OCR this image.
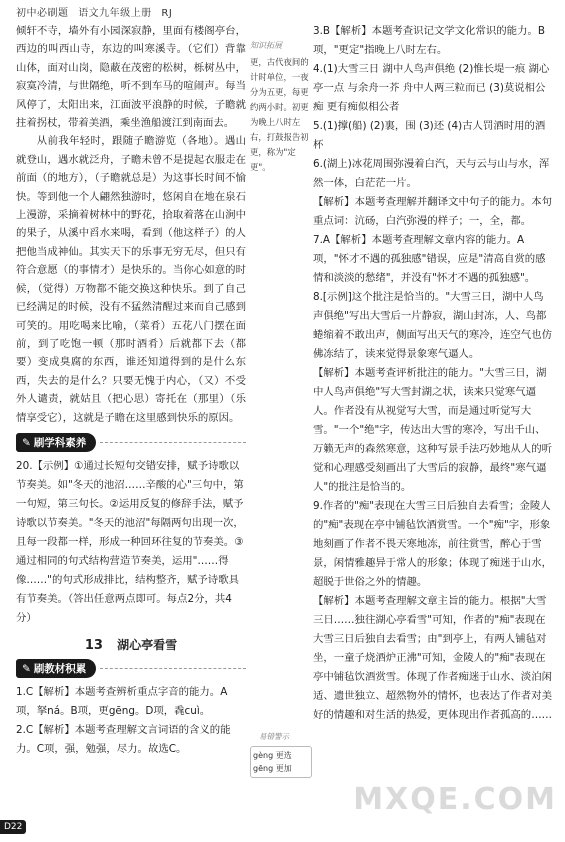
初中必刷题 语文九年级上册 RJ

倾轩不寺，墙外有小园深寂静，里面有楼阁亭台，西边的叫西山寺，东边的叫寒溪寺。（它们）背靠山体，面对山岗，隐蔽在茂密的松树，栎树丛中，寂寞冷清，与世隔绝，听不到车马的喧闹声。每当风停了，太阳出来，江面波平浪静的时候，子瞻就拄着拐杖，带着美酒，乘坐渔船渡江到南面去。

从前我年轻时，跟随子瞻游览（各地）。遇山就登山，遇水就泛舟，子瞻未曾不是提起衣服走在前面（的地方），（子瞻就总是）为这事长时间不愉快。等到他一个人翩然独游时，悠闲自在地在泉石上漫游，采摘着树林中的野花，拾取着落在山涧中的果子，从溪中舀水来喝，看到（他这样子）的人把他当成神仙。其实天下的乐事无穷无尽，但只有符合意愿（的事情才）是快乐的。当你心如意的时候，（觉得）万物都不能交换这种快乐。到了自己已经满足的时候，没有不猛然清醒过来而自己感到可笑的。用吃喝来比喻，（菜肴）五花八门摆在面前，到了吃饱一顿（那时酒肴）后就都下去（都要）变成臭腐的东西，谁还知道得到的是什么东西，失去的是什么？只要无愧于内心，（又）不受外人谴责，就姑且（把心思）寄托在（那里）（乐情享受它），这就是子瞻在这里感到快乐的原因。

✎ 刷学科素养

20.【示例】①通过长短句交错安排，赋予诗歌以节奏美。如"冬天的池沼……辛酸的心"三句中，第一句短，第三句长。②运用反复的修辞手法，赋予诗歌以节奏美。"冬天的池沼"每隔两句出现一次，且每一段都一样，形成一种回环往复的节奏美。③通过相同的句式结构营造节奏美，运用"……得像……"的句式形成排比，结构整齐，赋予诗歌具有节奏美。（答出任意两点即可。每点2分，共4分）

13 湖心亭看雪
✎ 刷教材积累

1.C【解析】本题考查辨析重点字音的能力。A项，拏ná。B项，更gēng。D项，毳cuì。

2.C【解析】本题考查理解文言词语的含义的能力。C项，强，勉强，尽力。故选C。

知识拓展
更，古代夜间的计时单位，一夜分为五更，每更约两小时。初更为晚上八时左右，打鼓报告初更，称为"定更"。
易错警示
gèng 更选
gēng 更加

3.B【解析】本题考查识记文学文化常识的能力。B项，"更定"指晚上八时左右。

4.(1)大雪三日 湖中人鸟声俱绝 (2)惟长堤一痕 湖心亭一点 与余舟一芥 舟中人两三粒而已 (3)莫说相公痴 更有痴似相公者

5.(1)撑(船) (2)裏，围 (3)还 (4)古人罚酒时用的酒杯

6.(湖上)冰花周围弥漫着白汽，天与云与山与水，浑然一体，白茫茫一片。

【解析】本题考查理解并翻译文中句子的能力。本句重点词：沆砀，白汽弥漫的样子；一，全，都。

7.A【解析】本题考查理解文章内容的能力。A项，"怀才不遇的孤独感"错误，应是"清高自赏的感情和淡淡的愁绪"，并没有"怀才不遇的孤独感"。

8.[示例]这个批注是恰当的。"大雪三日，湖中人鸟声俱绝"写出大雪后一片静寂，湖山封冻，人、鸟都蜷缩着不敢出声，侧面写出天气的寒冷，连空气也仿佛冻结了，读来觉得景象寒气逼人。

【解析】本题考查评析批注的能力。"大雪三日，湖中人鸟声俱绝"写大雪封湖之状，读来只觉寒气逼人。作者没有从视觉写大雪，而是通过听觉写大雪。"一个"绝"字，传达出大雪的寒冷，写出千山、万籁无声的森然寒意，这种写景手法巧妙地从人的听觉和心理感受刻画出了大雪后的寂静，最终"寒气逼人"的批注是恰当的。

9.作者的"痴"表现在大雪三日后独自去看雪；金陵人的"痴"表现在亭中铺毡饮酒赏雪。一个"痴"字，形象地刻画了作者不畏天寒地冻，前往赏雪，醉心于雪景，闲情雅趣异于常人的形象；体现了痴迷于山水，超脱于世俗之外的情趣。

【解析】本题考查理解文章主旨的能力。根据"大雪三日……独往湖心亭看雪"可知，作者的"痴"表现在大雪三日后独自去看雪；由"到亭上，有两人铺毡对坐，一童子烧酒炉正沸"可知，金陵人的"痴"表现在亭中铺毡饮酒赏雪。体现了作者痴迷于山水、淡泊闲适、遗世独立、超然物外的情怀，也表达了作者对美好的情趣和对生活的热爱，更体现出作者孤高的……

D22
MXQE.COM
